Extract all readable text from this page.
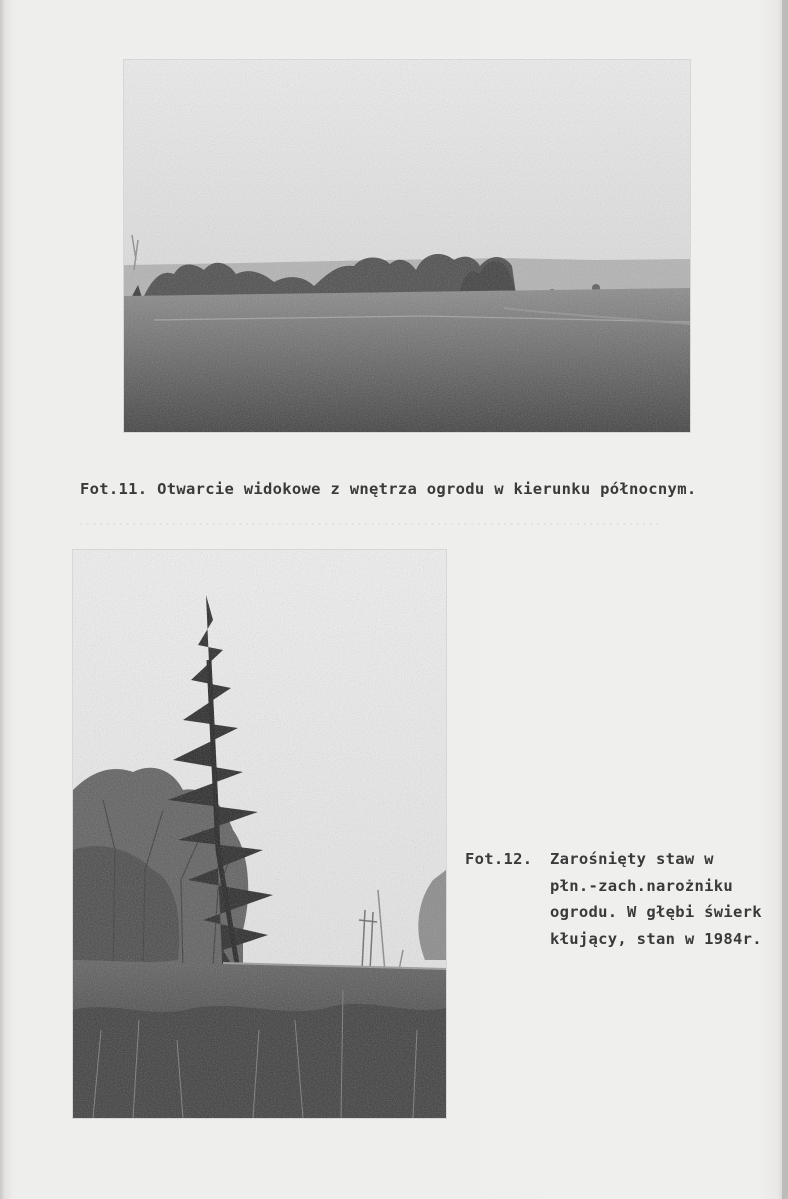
........................................................................................
Fot.11. Otwarcie widokowe z wnętrza ogrodu w kierunku północnym.
Fot.12. Zarośnięty staw w
płn.-zach.narożniku
ogrodu. W głębi świerk
kłujący, stan w 1984r.
